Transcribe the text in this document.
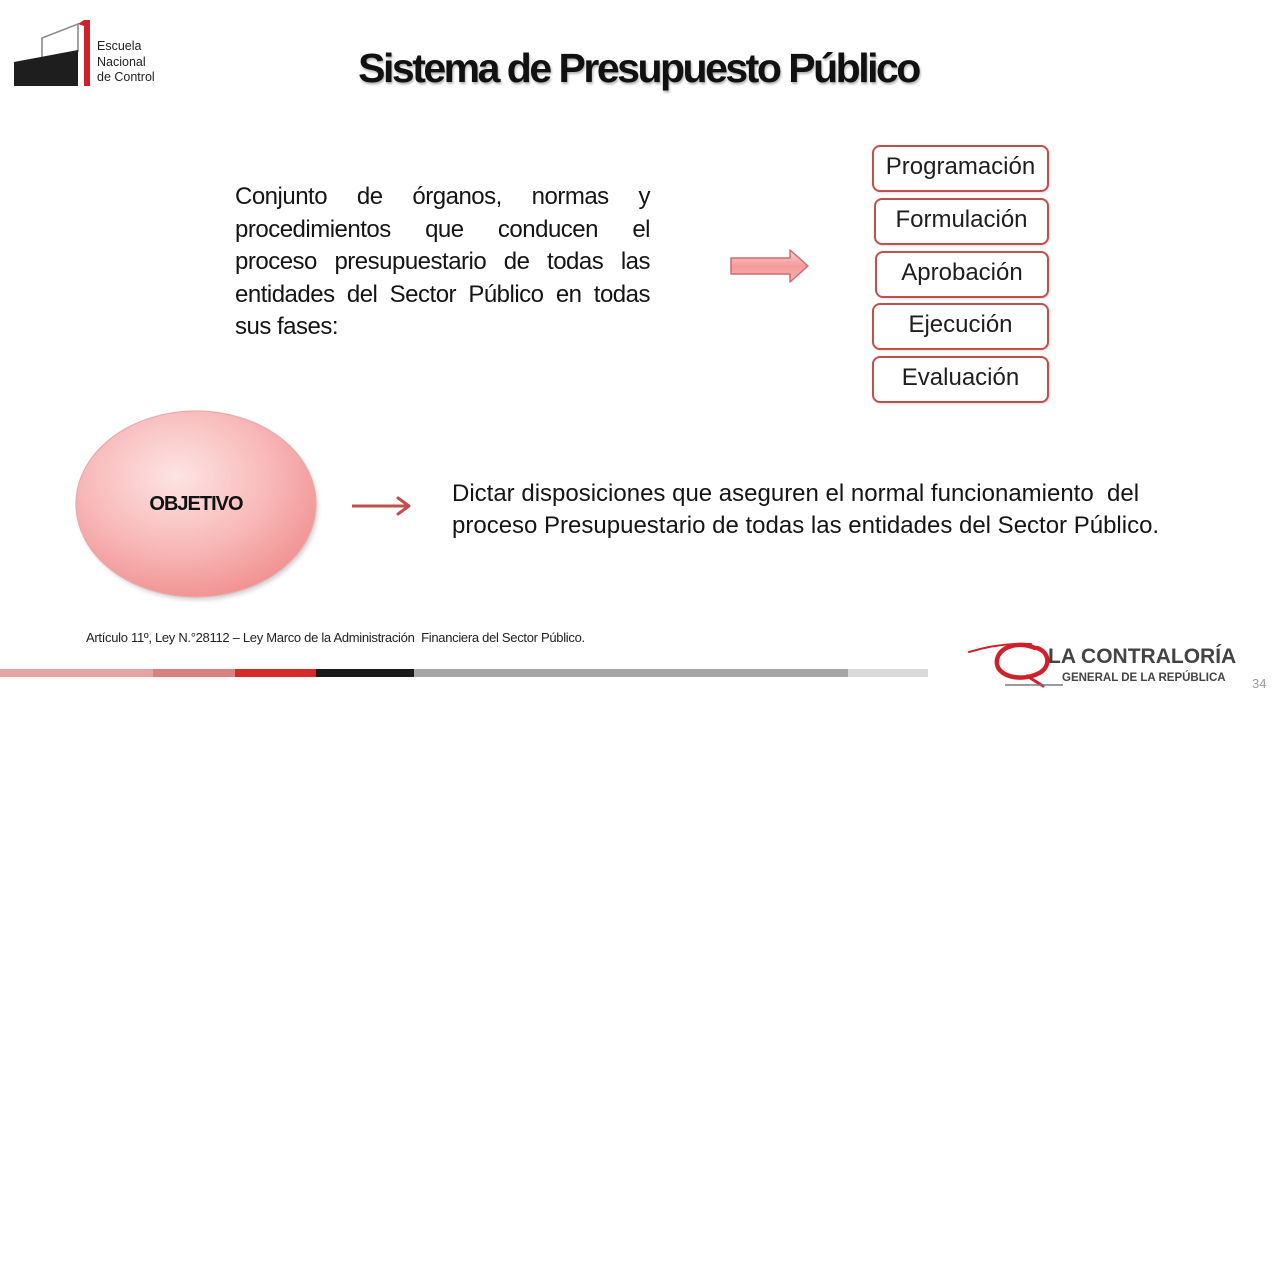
Escuela
Nacional
de Control	Sistema de Presupuesto Público
Conjunto de órganos, normas y procedimientos que conducen el proceso presupuestario de todas las entidades del Sector Público en todas sus fases:
Programación
Formulación
Aprobación
Ejecución
Evaluación
OBJETIVO	Dictar disposiciones que aseguren el normal funcionamiento  del
proceso Presupuestario de todas las entidades del Sector Público.
Artículo 11º, Ley N.°28112 – Ley Marco de la Administración  Financiera del Sector Público.
LA CONTRALORÍA
GENERAL DE LA REPÚBLICA 34
